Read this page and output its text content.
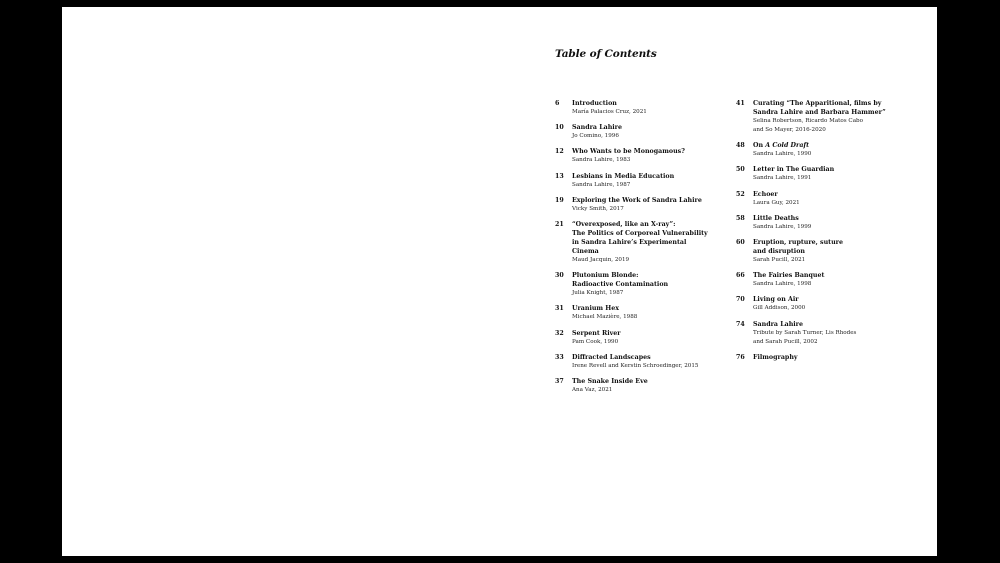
Table of Contents
6	Introduction
María Palacios Cruz, 2021
10	Sandra Lahire
Jo Comino, 1996
12	Who Wants to be Monogamous?
Sandra Lahire, 1983
13	Lesbians in Media Education
Sandra Lahire, 1987
19	Exploring the Work of Sandra Lahire
Vicky Smith, 2017
21	“Overexposed, like an X-ray”:
The Politics of Corporeal Vulnerability
in Sandra Lahire’s Experimental Cinema
Maud Jacquin, 2019
30	Plutonium Blonde:
Radioactive Contamination
Julia Knight, 1987
31	Uranium Hex
Michael Mazière, 1988
32	Serpent River
Pam Cook, 1990
33	Diffracted Landscapes
Irene Revell and Kerstin Schroedinger, 2015
37	The Snake Inside Eve
Ana Vaz, 2021
41	Curating “The Apparitional, films by
Sandra Lahire and Barbara Hammer”
Selina Robertson, Ricardo Matos Cabo
and So Mayer, 2016-2020
48	On A Cold Draft
Sandra Lahire, 1990
50	Letter in The Guardian
Sandra Lahire, 1991
52	Echoer
Laura Guy, 2021
58	Little Deaths
Sandra Lahire, 1999
60	Eruption, rupture, suture
and disruption
Sarah Pucill, 2021
66	The Fairies Banquet
Sandra Lahire, 1998
70	Living on Air
Gill Addison, 2000
74	Sandra Lahire
Tribute by Sarah Turner, Lis Rhodes
and Sarah Pucill, 2002
76	Filmography
